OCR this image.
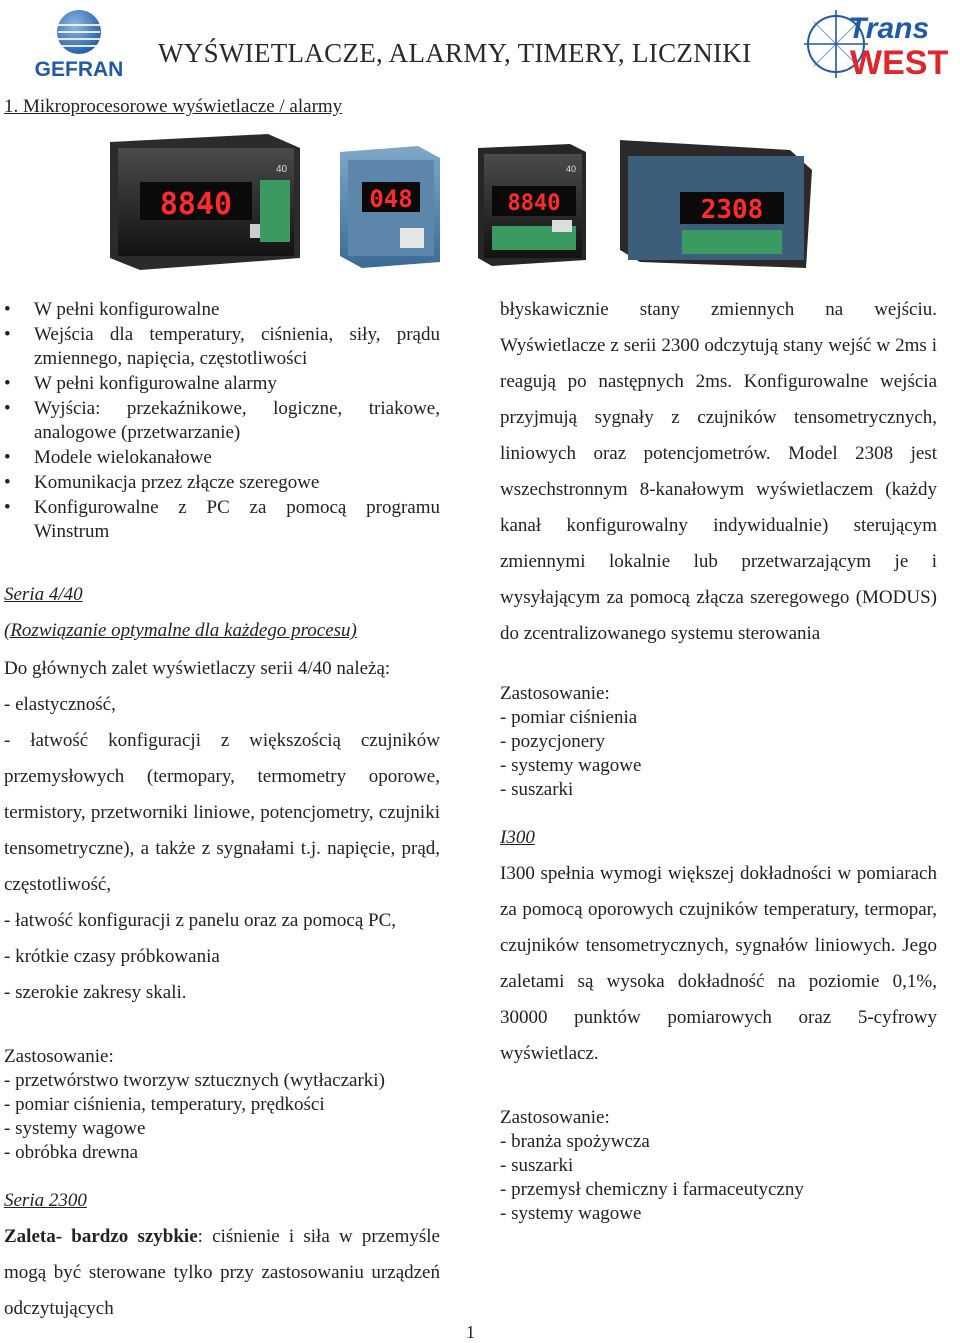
GEFRAN
WYŚWIETLACZE, ALARMY, TIMERY, LICZNIKI
Trans
WEST
1. Mikroprocesorowe wyświetlacze / alarmy
8840
40
048	8840
40
2308
• W pełni konfigurowalne
• Wejścia dla temperatury, ciśnienia, siły, prądu zmiennego, napięcia, częstotliwości
• W pełni konfigurowalne alarmy
• Wyjścia: przekaźnikowe, logiczne, triakowe, analogowe (przetwarzanie)
• Modele wielokanałowe
• Komunikacja przez złącze szeregowe
• Konfigurowalne z PC za pomocą programu Winstrum
Seria 4/40
(Rozwiązanie optymalne dla każdego procesu)

Do głównych zalet wyświetlaczy serii 4/40 należą:

- elastyczność,

- łatwość konfiguracji z większością czujników przemysłowych (termopary, termometry oporowe, termistory, przetworniki liniowe, potencjometry, czujniki tensometryczne), a także z sygnałami t.j. napięcie, prąd, częstotliwość,

- łatwość konfiguracji z panelu oraz za pomocą PC,

- krótkie czasy próbkowania

- szerokie zakresy skali.

Zastosowanie:
- przetwórstwo tworzyw sztucznych (wytłaczarki)
- pomiar ciśnienia, temperatury, prędkości
- systemy wagowe
- obróbka drewna
Seria 2300

Zaleta- bardzo szybkie: ciśnienie i siła w przemyśle mogą być sterowane tylko przy zastosowaniu urządzeń odczytujących

błyskawicznie stany zmiennych na wejściu. Wyświetlacze z serii 2300 odczytują stany wejść w 2ms i reagują po następnych 2ms. Konfigurowalne wejścia przyjmują sygnały z czujników tensometrycznych, liniowych oraz potencjometrów. Model 2308 jest wszechstronnym 8-kanałowym wyświetlaczem (każdy kanał konfigurowalny indywidualnie) sterującym zmiennymi lokalnie lub przetwarzającym je i wysyłającym za pomocą złącza szeregowego (MODUS) do zcentralizowanego systemu sterowania

Zastosowanie:
- pomiar ciśnienia
- pozycjonery
- systemy wagowe
- suszarki
I300

I300 spełnia wymogi większej dokładności w pomiarach za pomocą oporowych czujników temperatury, termopar, czujników tensometrycznych, sygnałów liniowych. Jego zaletami są wysoka dokładność na poziomie 0,1%, 30000 punktów pomiarowych oraz 5-cyfrowy wyświetlacz.

Zastosowanie:
- branża spożywcza
- suszarki
- przemysł chemiczny i farmaceutyczny
- systemy wagowe
1
